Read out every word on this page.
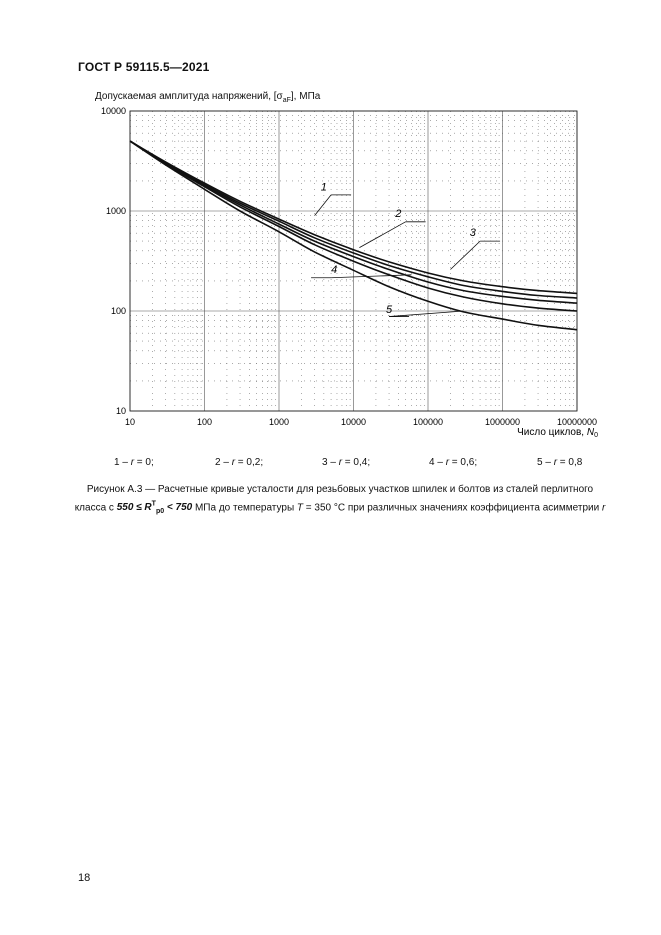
ГОСТ Р 59115.5—2021
Допускаемая амплитуда напряжений, $[\sigma_{aF}]$, МПа
1
2
3
4
5
10	100	1000	10000	100000	1000000	10000000
10000
1000
100
10
Число циклов, $N_0$
1 – r = 0;	2 – r = 0,2;	3 – r = 0,4;	4 – r = 0,6;	5 – r = 0,8
Рисунок А.3 — Расчетные кривые усталости для резьбовых участков шпилек и болтов из сталей перлитного
класса с $550 \le R^T_{p0} < 750$ МПа до температуры T = 350 °С при различных значениях коэффициента асимметрии r
18
